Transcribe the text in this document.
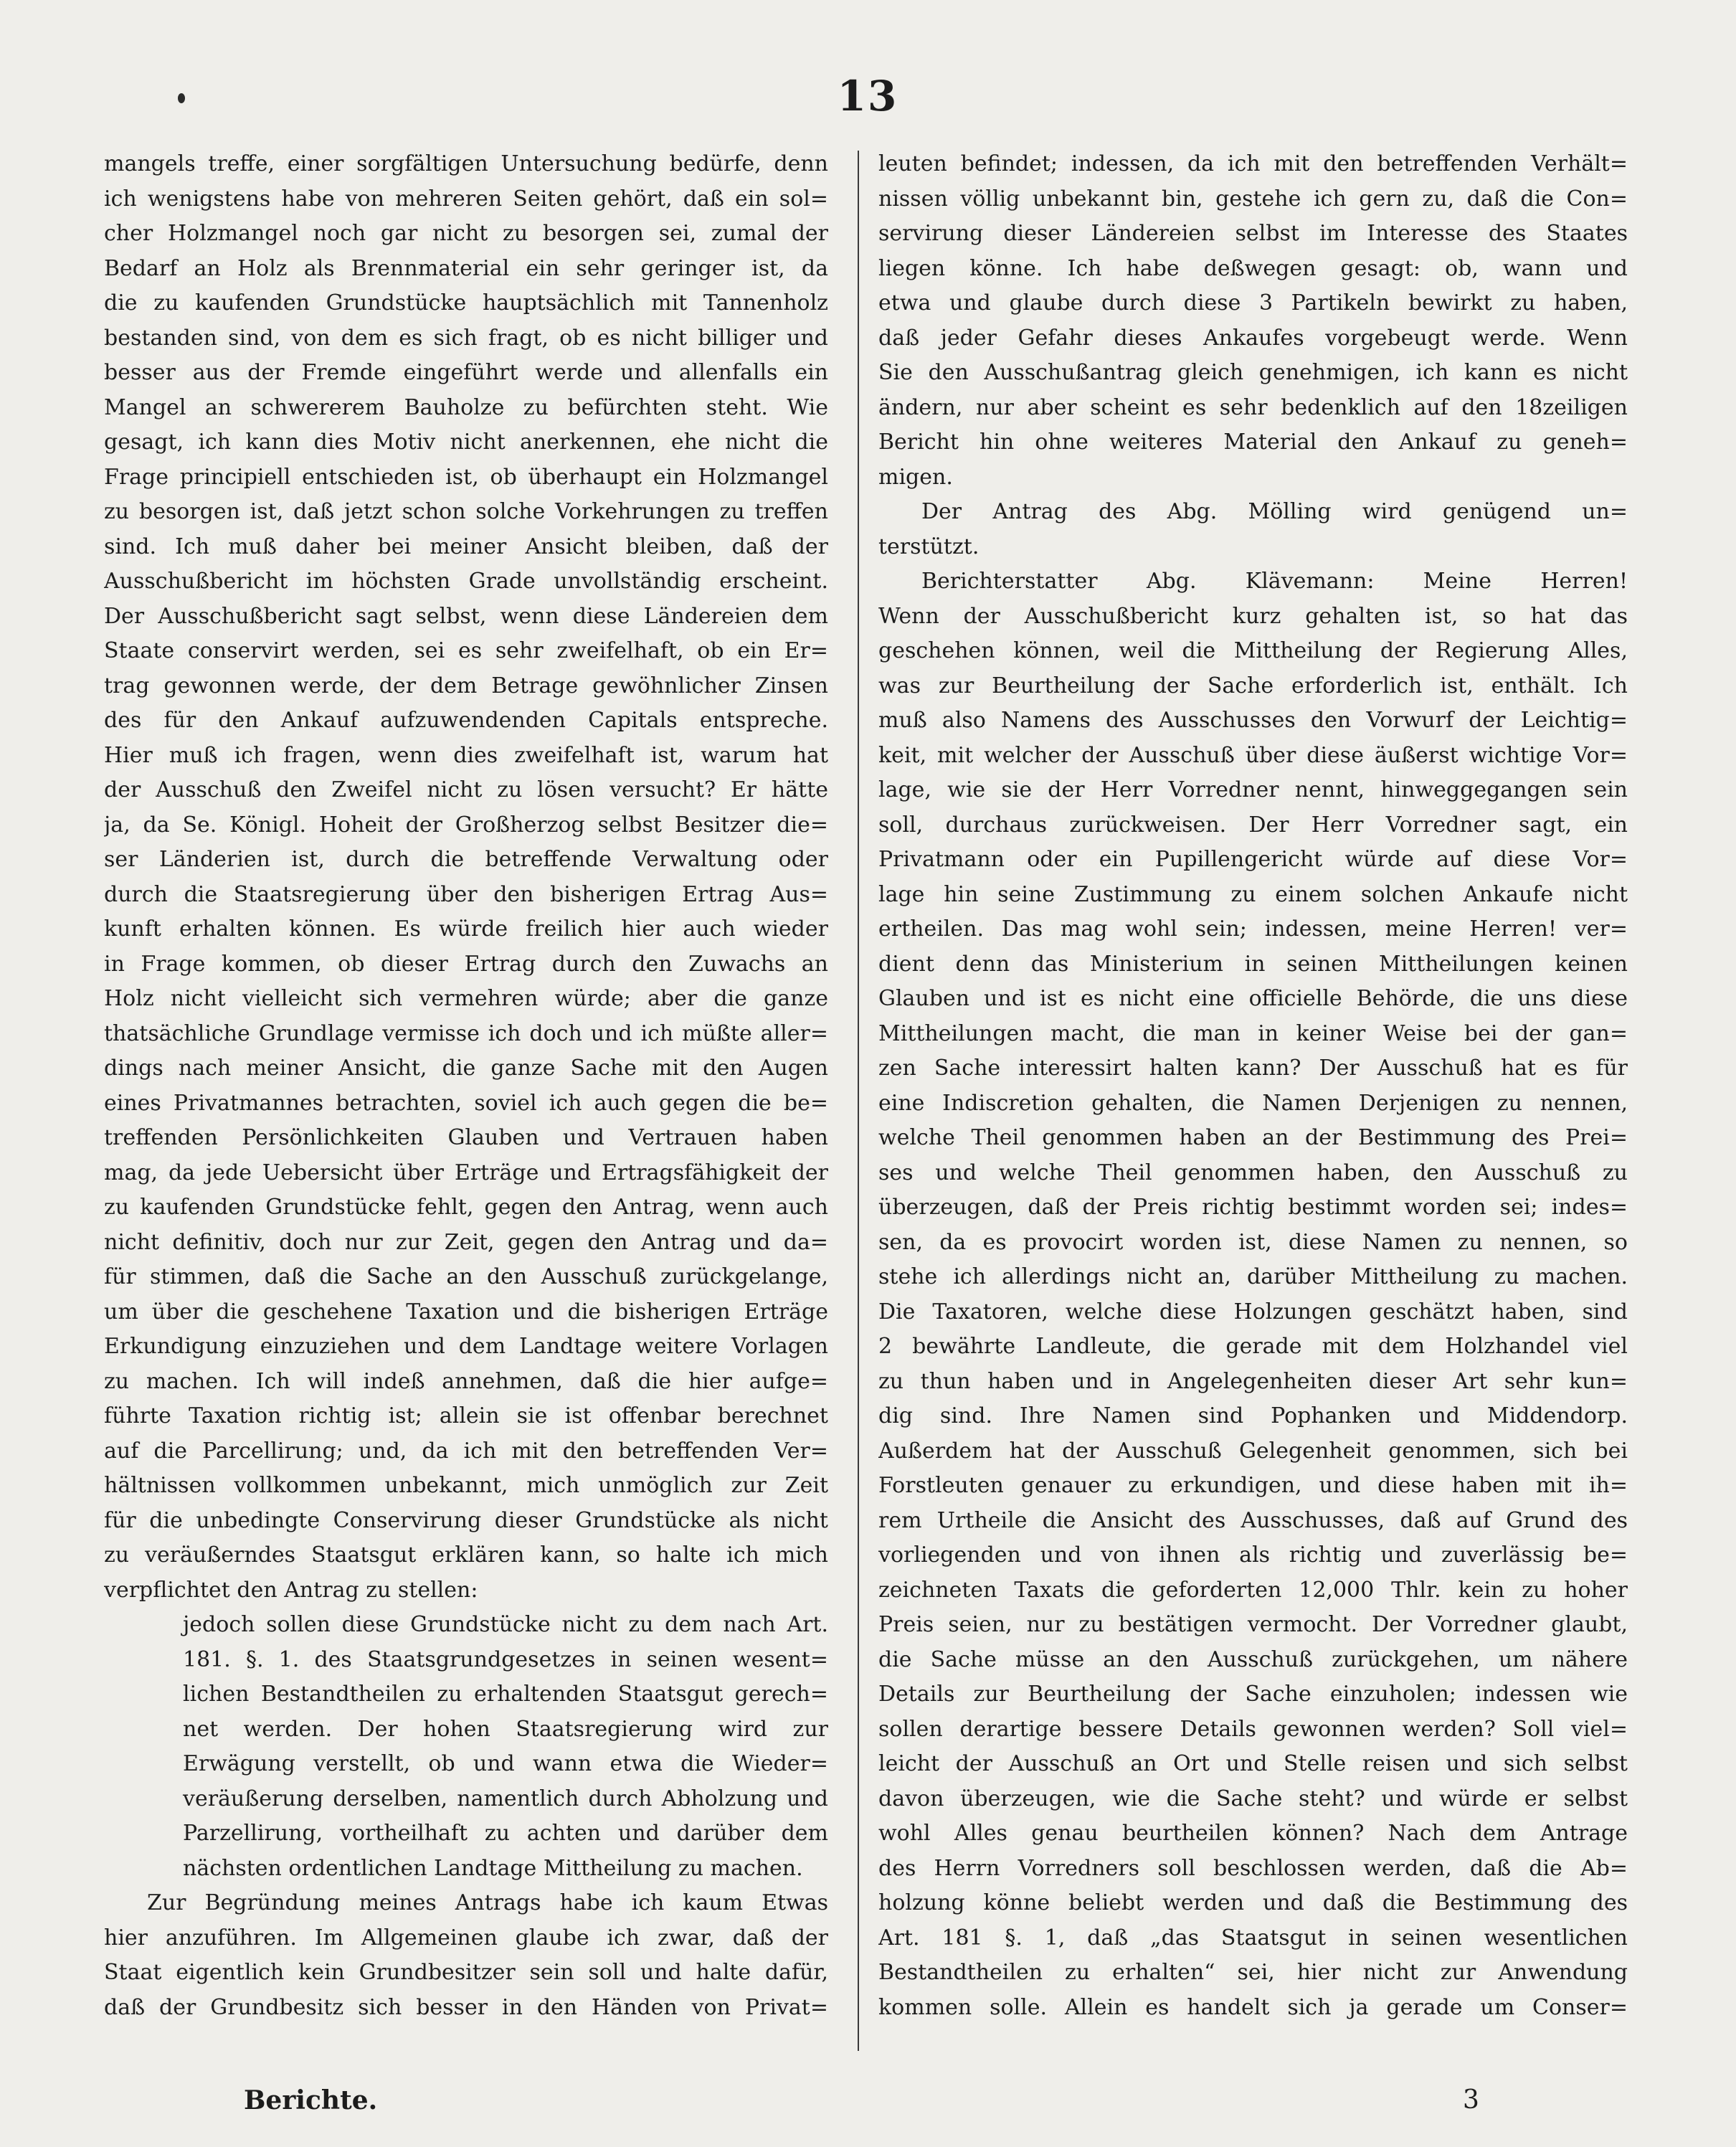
13

mangels treffe, einer sorgfältigen Untersuchung bedürfe, denn

ich wenigstens habe von mehreren Seiten gehört, daß ein sol=

cher Holzmangel noch gar nicht zu besorgen sei, zumal der

Bedarf an Holz als Brennmaterial ein sehr geringer ist, da

die zu kaufenden Grundstücke hauptsächlich mit Tannenholz

bestanden sind, von dem es sich fragt, ob es nicht billiger und

besser aus der Fremde eingeführt werde und allenfalls ein

Mangel an schwererem Bauholze zu befürchten steht. Wie

gesagt, ich kann dies Motiv nicht anerkennen, ehe nicht die

Frage principiell entschieden ist, ob überhaupt ein Holzmangel

zu besorgen ist, daß jetzt schon solche Vorkehrungen zu treffen

sind. Ich muß daher bei meiner Ansicht bleiben, daß der

Ausschußbericht im höchsten Grade unvollständig erscheint.

Der Ausschußbericht sagt selbst, wenn diese Ländereien dem

Staate conservirt werden, sei es sehr zweifelhaft, ob ein Er=

trag gewonnen werde, der dem Betrage gewöhnlicher Zinsen

des für den Ankauf aufzuwendenden Capitals entspreche.

Hier muß ich fragen, wenn dies zweifelhaft ist, warum hat

der Ausschuß den Zweifel nicht zu lösen versucht? Er hätte

ja, da Se. Königl. Hoheit der Großherzog selbst Besitzer die=

ser Länderien ist, durch die betreffende Verwaltung oder

durch die Staatsregierung über den bisherigen Ertrag Aus=

kunft erhalten können. Es würde freilich hier auch wieder

in Frage kommen, ob dieser Ertrag durch den Zuwachs an

Holz nicht vielleicht sich vermehren würde; aber die ganze

thatsächliche Grundlage vermisse ich doch und ich müßte aller=

dings nach meiner Ansicht, die ganze Sache mit den Augen

eines Privatmannes betrachten, soviel ich auch gegen die be=

treffenden Persönlichkeiten Glauben und Vertrauen haben

mag, da jede Uebersicht über Erträge und Ertragsfähigkeit der

zu kaufenden Grundstücke fehlt, gegen den Antrag, wenn auch

nicht definitiv, doch nur zur Zeit, gegen den Antrag und da=

für stimmen, daß die Sache an den Ausschuß zurückgelange,

um über die geschehene Taxation und die bisherigen Erträge

Erkundigung einzuziehen und dem Landtage weitere Vorlagen

zu machen. Ich will indeß annehmen, daß die hier aufge=

führte Taxation richtig ist; allein sie ist offenbar berechnet

auf die Parcellirung; und, da ich mit den betreffenden Ver=

hältnissen vollkommen unbekannt, mich unmöglich zur Zeit

für die unbedingte Conservirung dieser Grundstücke als nicht

zu veräußerndes Staatsgut erklären kann, so halte ich mich

verpflichtet den Antrag zu stellen:

jedoch sollen diese Grundstücke nicht zu dem nach Art.

181. §. 1. des Staatsgrundgesetzes in seinen wesent=

lichen Bestandtheilen zu erhaltenden Staatsgut gerech=

net werden. Der hohen Staatsregierung wird zur

Erwägung verstellt, ob und wann etwa die Wieder=

veräußerung derselben, namentlich durch Abholzung und

Parzellirung, vortheilhaft zu achten und darüber dem

nächsten ordentlichen Landtage Mittheilung zu machen.

Zur Begründung meines Antrags habe ich kaum Etwas

hier anzuführen. Im Allgemeinen glaube ich zwar, daß der

Staat eigentlich kein Grundbesitzer sein soll und halte dafür,

daß der Grundbesitz sich besser in den Händen von Privat=

leuten befindet; indessen, da ich mit den betreffenden Verhält=

nissen völlig unbekannt bin, gestehe ich gern zu, daß die Con=

servirung dieser Ländereien selbst im Interesse des Staates

liegen könne. Ich habe deßwegen gesagt: ob, wann und

etwa und glaube durch diese 3 Partikeln bewirkt zu haben,

daß jeder Gefahr dieses Ankaufes vorgebeugt werde. Wenn

Sie den Ausschußantrag gleich genehmigen, ich kann es nicht

ändern, nur aber scheint es sehr bedenklich auf den 18zeiligen

Bericht hin ohne weiteres Material den Ankauf zu geneh=

migen.

Der Antrag des Abg. Mölling wird genügend un=

terstützt.

Berichterstatter Abg. Klävemann: Meine Herren!

Wenn der Ausschußbericht kurz gehalten ist, so hat das

geschehen können, weil die Mittheilung der Regierung Alles,

was zur Beurtheilung der Sache erforderlich ist, enthält. Ich

muß also Namens des Ausschusses den Vorwurf der Leichtig=

keit, mit welcher der Ausschuß über diese äußerst wichtige Vor=

lage, wie sie der Herr Vorredner nennt, hinweggegangen sein

soll, durchaus zurückweisen. Der Herr Vorredner sagt, ein

Privatmann oder ein Pupillengericht würde auf diese Vor=

lage hin seine Zustimmung zu einem solchen Ankaufe nicht

ertheilen. Das mag wohl sein; indessen, meine Herren! ver=

dient denn das Ministerium in seinen Mittheilungen keinen

Glauben und ist es nicht eine officielle Behörde, die uns diese

Mittheilungen macht, die man in keiner Weise bei der gan=

zen Sache interessirt halten kann? Der Ausschuß hat es für

eine Indiscretion gehalten, die Namen Derjenigen zu nennen,

welche Theil genommen haben an der Bestimmung des Prei=

ses und welche Theil genommen haben, den Ausschuß zu

überzeugen, daß der Preis richtig bestimmt worden sei; indes=

sen, da es provocirt worden ist, diese Namen zu nennen, so

stehe ich allerdings nicht an, darüber Mittheilung zu machen.

Die Taxatoren, welche diese Holzungen geschätzt haben, sind

2 bewährte Landleute, die gerade mit dem Holzhandel viel

zu thun haben und in Angelegenheiten dieser Art sehr kun=

dig sind. Ihre Namen sind Pophanken und Middendorp.

Außerdem hat der Ausschuß Gelegenheit genommen, sich bei

Forstleuten genauer zu erkundigen, und diese haben mit ih=

rem Urtheile die Ansicht des Ausschusses, daß auf Grund des

vorliegenden und von ihnen als richtig und zuverlässig be=

zeichneten Taxats die geforderten 12,000 Thlr. kein zu hoher

Preis seien, nur zu bestätigen vermocht. Der Vorredner glaubt,

die Sache müsse an den Ausschuß zurückgehen, um nähere

Details zur Beurtheilung der Sache einzuholen; indessen wie

sollen derartige bessere Details gewonnen werden? Soll viel=

leicht der Ausschuß an Ort und Stelle reisen und sich selbst

davon überzeugen, wie die Sache steht? und würde er selbst

wohl Alles genau beurtheilen können? Nach dem Antrage

des Herrn Vorredners soll beschlossen werden, daß die Ab=

holzung könne beliebt werden und daß die Bestimmung des

Art. 181 §. 1, daß „das Staatsgut in seinen wesentlichen

Bestandtheilen zu erhalten“ sei, hier nicht zur Anwendung

kommen solle. Allein es handelt sich ja gerade um Conser=

Berichte.	3
